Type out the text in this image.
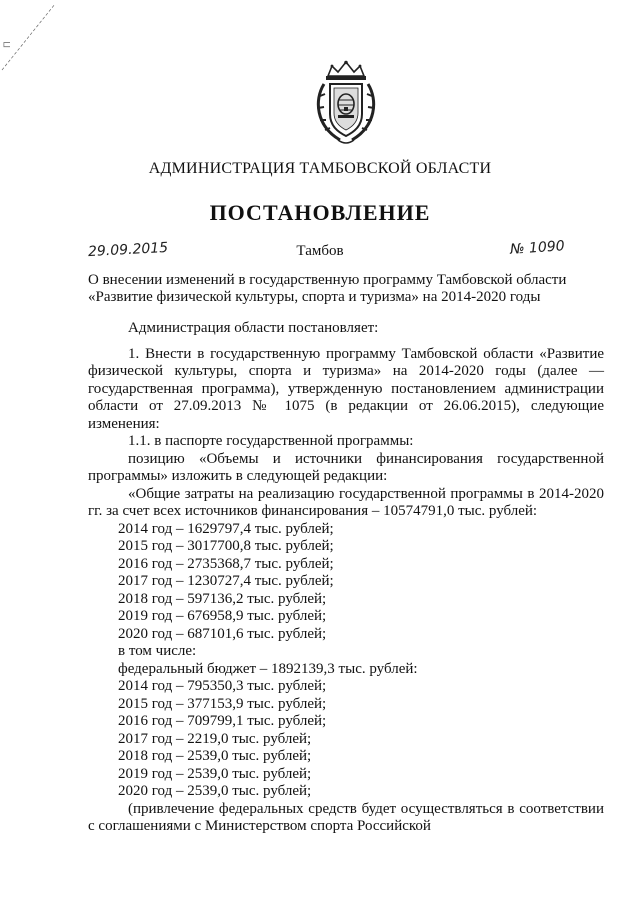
П
АДМИНИСТРАЦИЯ ТАМБОВСКОЙ ОБЛАСТИ
ПОСТАНОВЛЕНИЕ
29.09.2015	Тамбов	№ 1090
О внесении изменений в государственную программу Тамбовской области
«Развитие физической культуры, спорта и туризма» на 2014-2020 годы

Администрация области постановляет:

1. Внести в государственную программу Тамбовской области «Развитие физической культуры, спорта и туризма» на 2014-2020 годы (далее — государственная программа), утвержденную постановлением администрации области от 27.09.2013 № 1075 (в редакции от 26.06.2015), следующие изменения:

1.1. в паспорте государственной программы:

позицию «Объемы и источники финансирования государственной программы» изложить в следующей редакции:

«Общие затраты на реализацию государственной программы в 2014-2020 гг. за счет всех источников финансирования – 10574791,0 тыс. рублей:

2014 год – 1629797,4 тыс. рублей;

2015 год – 3017700,8 тыс. рублей;

2016 год – 2735368,7 тыс. рублей;

2017 год – 1230727,4 тыс. рублей;

2018 год – 597136,2 тыс. рублей;

2019 год – 676958,9 тыс. рублей;

2020 год – 687101,6 тыс. рублей;

в том числе:

федеральный бюджет – 1892139,3 тыс. рублей:

2014 год – 795350,3 тыс. рублей;

2015 год – 377153,9 тыс. рублей;

2016 год – 709799,1 тыс. рублей;

2017 год – 2219,0 тыс. рублей;

2018 год – 2539,0 тыс. рублей;

2019 год – 2539,0 тыс. рублей;

2020 год – 2539,0 тыс. рублей;

(привлечение федеральных средств будет осуществляться в соответствии с соглашениями с Министерством спорта Российской
